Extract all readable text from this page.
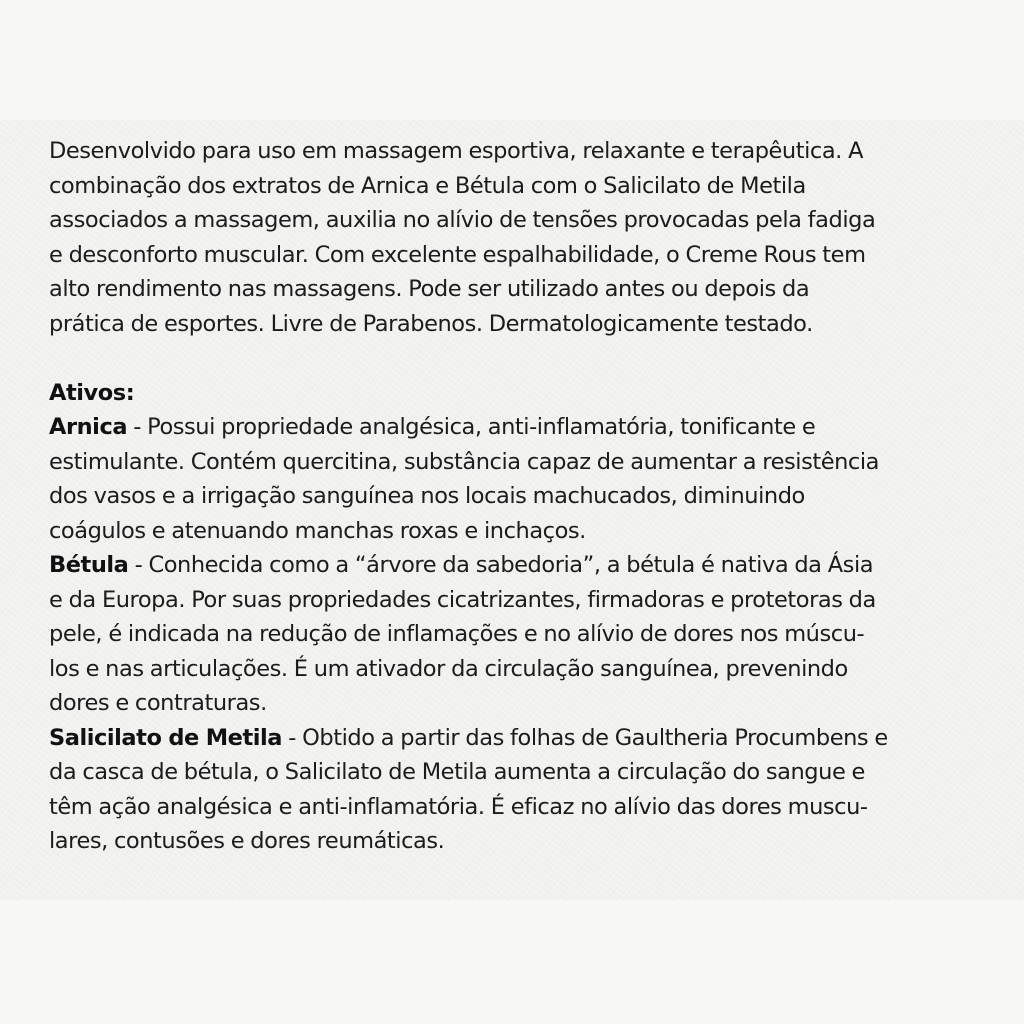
Desenvolvido para uso em massagem esportiva, relaxante e terapêutica. A
combinação dos extratos de Arnica e Bétula com o Salicilato de Metila
associados a massagem, auxilia no alívio de tensões provocadas pela fadiga
e desconforto muscular. Com excelente espalhabilidade, o Creme Rous tem
alto rendimento nas massagens. Pode ser utilizado antes ou depois da
prática de esportes. Livre de Parabenos. Dermatologicamente testado.
Ativos:
Arnica - Possui propriedade analgésica, anti-inflamatória, tonificante e
estimulante. Contém quercitina, substância capaz de aumentar a resistência
dos vasos e a irrigação sanguínea nos locais machucados, diminuindo
coágulos e atenuando manchas roxas e inchaços.
Bétula - Conhecida como a “árvore da sabedoria”, a bétula é nativa da Ásia
e da Europa. Por suas propriedades cicatrizantes, firmadoras e protetoras da
pele, é indicada na redução de inflamações e no alívio de dores nos múscu-
los e nas articulações. É um ativador da circulação sanguínea, prevenindo
dores e contraturas.
Salicilato de Metila - Obtido a partir das folhas de Gaultheria Procumbens e
da casca de bétula, o Salicilato de Metila aumenta a circulação do sangue e
têm ação analgésica e anti-inflamatória. É eficaz no alívio das dores muscu-
lares, contusões e dores reumáticas.
